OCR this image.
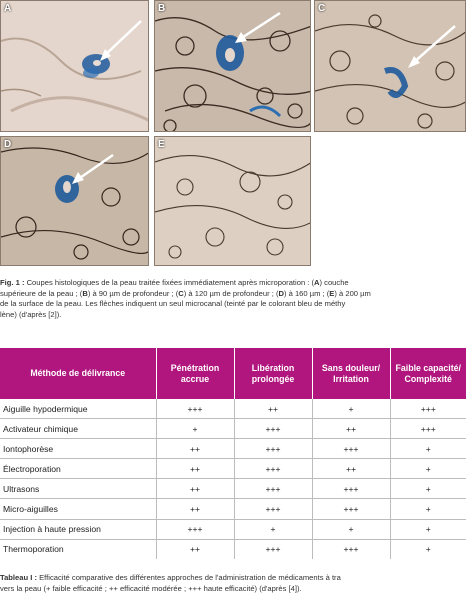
A	B	C
D	E
Fig. 1 : Coupes histologiques de la peau traitée fixées immédiatement après microporation : (A) couche
supérieure de la peau ; (B) à 90 µm de profondeur ; (C) à 120 µm de profondeur ; (D) à 160 µm ; (E) à 200 µm
de la surface de la peau. Les flèches indiquent un seul microcanal (teinté par le colorant bleu de méthy
lène) (d'après [2]).
Méthode de délivrance	Pénétration accrue	Libération prolongée	Sans douleur/ Irritation	Faible capacité/ Complexité
Aiguille hypodermique	+++	++	+	+++
Activateur chimique	+	+++	++	+++
Iontophorèse	++	+++	+++	+
Électroporation	++	+++	++	+
Ultrasons	++	+++	+++	+
Micro-aiguilles	++	+++	+++	+
Injection à haute pression	+++	+	+	+
Thermoporation	++	+++	+++	+
Tableau I : Efficacité comparative des différentes approches de l'administration de médicaments à tra
vers la peau (+ faible efficacité ; ++ efficacité modérée ; +++ haute efficacité) (d'après [4]).
